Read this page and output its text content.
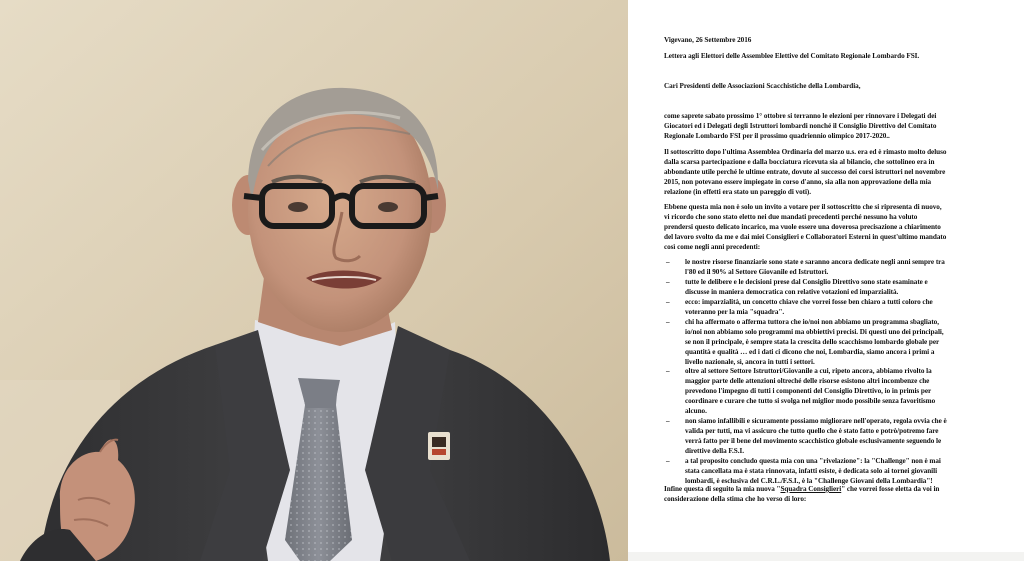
Vigevano, 26 Settembre 2016
Lettera agli Elettori delle Assemblee Elettive del Comitato Regionale Lombardo FSI.
Cari Presidenti delle Associazioni Scacchistiche della Lombardia,
come saprete sabato prossimo 1° ottobre si terranno le elezioni per rinnovare i Delegati dei
Giocatori ed i Delegati degli Istruttori lombardi nonché il Consiglio Direttivo del Comitato
Regionale Lombardo FSI per il prossimo quadriennio olimpico 2017-2020..
Il sottoscritto dopo l'ultima Assemblea Ordinaria del marzo u.s. era ed è rimasto molto deluso
dalla scarsa partecipazione e dalla bocciatura ricevuta sia al bilancio, che sottolineo era in
abbondante utile perché le ultime entrate, dovute al successo dei corsi istruttori nel novembre
2015, non potevano essere impiegate in corso d'anno, sia alla non approvazione della mia
relazione (in effetti era stato un pareggio di voti).
Ebbene questa mia non è solo un invito a votare per il sottoscritto che si ripresenta di nuovo,
vi ricordo che sono stato eletto nei due mandati precedenti perché nessuno ha voluto
prendersi questo delicato incarico, ma vuole essere una doverosa precisazione a chiarimento
del lavoro svolto da me e dai miei Consiglieri e Collaboratori Esterni in quest'ultimo mandato
così come negli anni precedenti:
– le nostre risorse finanziarie sono state e saranno ancora dedicate negli anni sempre tra
l'80 ed il 90% al Settore Giovanile ed Istruttori.
– tutte le delibere e le decisioni prese dal Consiglio Direttivo sono state esaminate e
discusse in maniera democratica con relative votazioni ed imparzialità.
– ecco: imparzialità, un concetto chiave che vorrei fosse ben chiaro a tutti coloro che
voteranno per la mia "squadra".
– chi ha affermato o afferma tuttora che io/noi non abbiamo un programma sbagliato,
io/noi non abbiamo solo programmi ma obbiettivi precisi. Di questi uno dei principali,
se non il principale, è sempre stata la crescita dello scacchismo lombardo globale per
quantità e qualità … ed i dati ci dicono che noi, Lombardia, siamo ancora i primi a
livello nazionale, sì, ancora in tutti i settori.
– oltre al settore Settore Istruttori/Giovanile a cui, ripeto ancora, abbiamo rivolto la
maggior parte delle attenzioni oltreché delle risorse esistono altri incombenze che
prevedono l'impegno di tutti i componenti del Consiglio Direttivo, io in primis per
coordinare e curare che tutto si svolga nel miglior modo possibile senza favoritismo
alcuno.
– non siamo infallibili e sicuramente possiamo migliorare nell'operato, regola ovvia che è
valida per tutti, ma vi assicuro che tutto quello che è stato fatto e potrò/potremo fare
verrà fatto per il bene del movimento scacchistico globale esclusivamente seguendo le
direttive della F.S.I.
– a tal proposito concludo questa mia con una "rivelazione": la "Challenge" non è mai
stata cancellata ma è stata rinnovata, infatti esiste, è dedicata solo ai tornei giovanili
lombardi, è esclusiva del C.R.L./F.S.I., è la "Challenge Giovani della Lombardia"!
Infine questa di seguito la mia nuova "Squadra Consiglieri" che vorrei fosse eletta da voi in
considerazione della stima che ho verso di loro:
